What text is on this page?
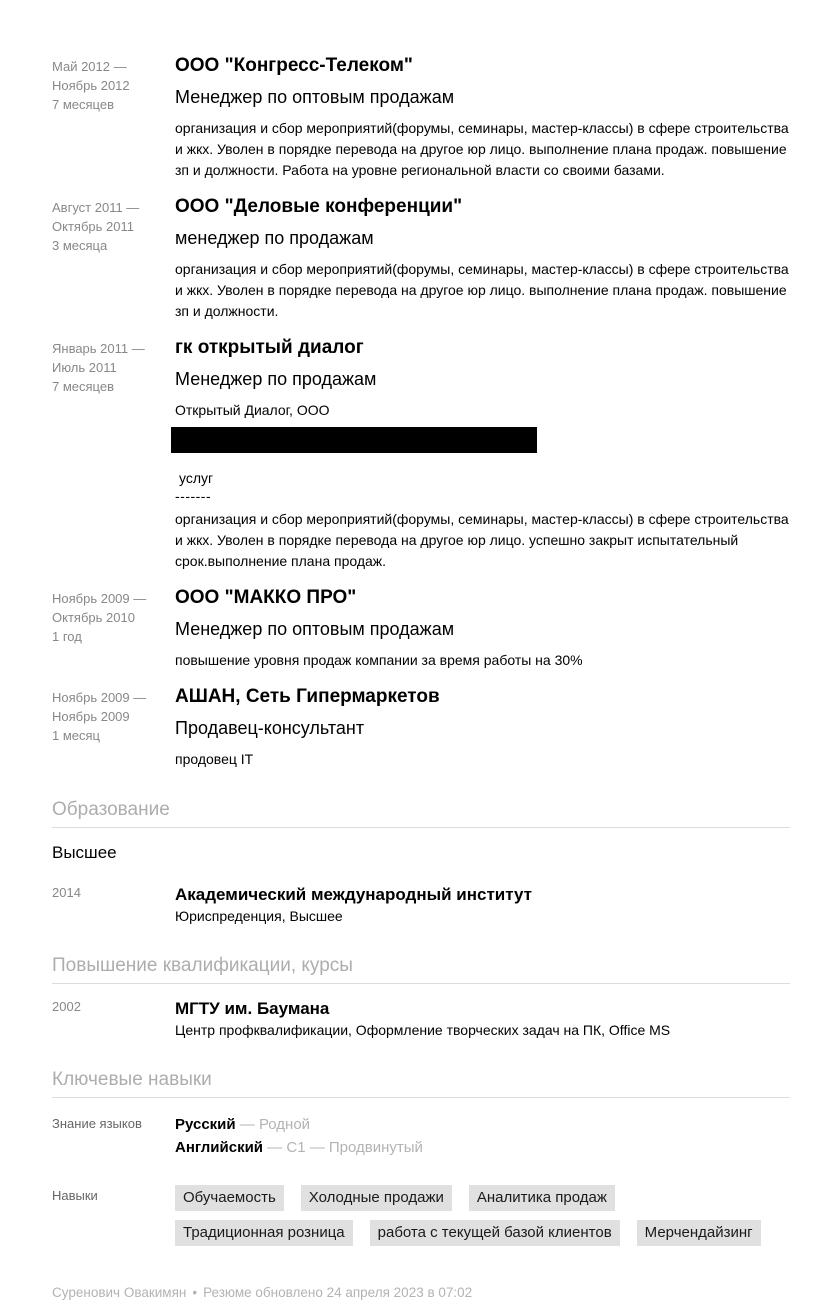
Май 2012 —
Ноябрь 2012
7 месяцев
ООО "Конгресс-Телеком"
Менеджер по оптовым продажам
организация и сбор мероприятий(форумы, семинары, мастер-классы) в сфере строительства и жкх. Уволен в порядке перевода на другое юр лицо. выполнение плана продаж. повышение зп и должности. Работа на уровне региональной власти со своими базами.
Август 2011 —
Октябрь 2011
3 месяца
ООО "Деловые конференции"
менеджер по продажам
организация и сбор мероприятий(форумы, семинары, мастер-классы) в сфере строительства и жкх. Уволен в порядке перевода на другое юр лицо. выполнение плана продаж. повышение зп и должности.
Январь 2011 —
Июль 2011
7 месяцев
гк открытый диалог
Менеджер по продажам
Открытый Диалог, ООО
услуг
-------
организация и сбор мероприятий(форумы, семинары, мастер-классы) в сфере строительства и жкх. Уволен в порядке перевода на другое юр лицо. успешно закрыт испытательный срок.выполнение плана продаж.
Ноябрь 2009 —
Октябрь 2010
1 год
ООО "МАККО ПРО"
Менеджер по оптовым продажам
повышение уровня продаж компании за время работы на 30%
Ноябрь 2009 —
Ноябрь 2009
1 месяц
АШАН, Сеть Гипермаркетов
Продавец-консультант
продовец IT
Образование
Высшее
2014	Академический международный институт
Юриспреденция, Высшее
Повышение квалификации, курсы
2002	МГТУ им. Баумана
Центр профквалификации, Оформление творческих задач на ПК, Office MS
Ключевые навыки
Знание языков	Русский — Родной
Английский — C1 — Продвинутый
Навыки	Обучаемость	Холодные продажи	Аналитика продаж
Традиционная розница	работа с текущей базой клиентов	Мерчендайзинг
Суренович Овакимян • Резюме обновлено 24 апреля 2023 в 07:02
